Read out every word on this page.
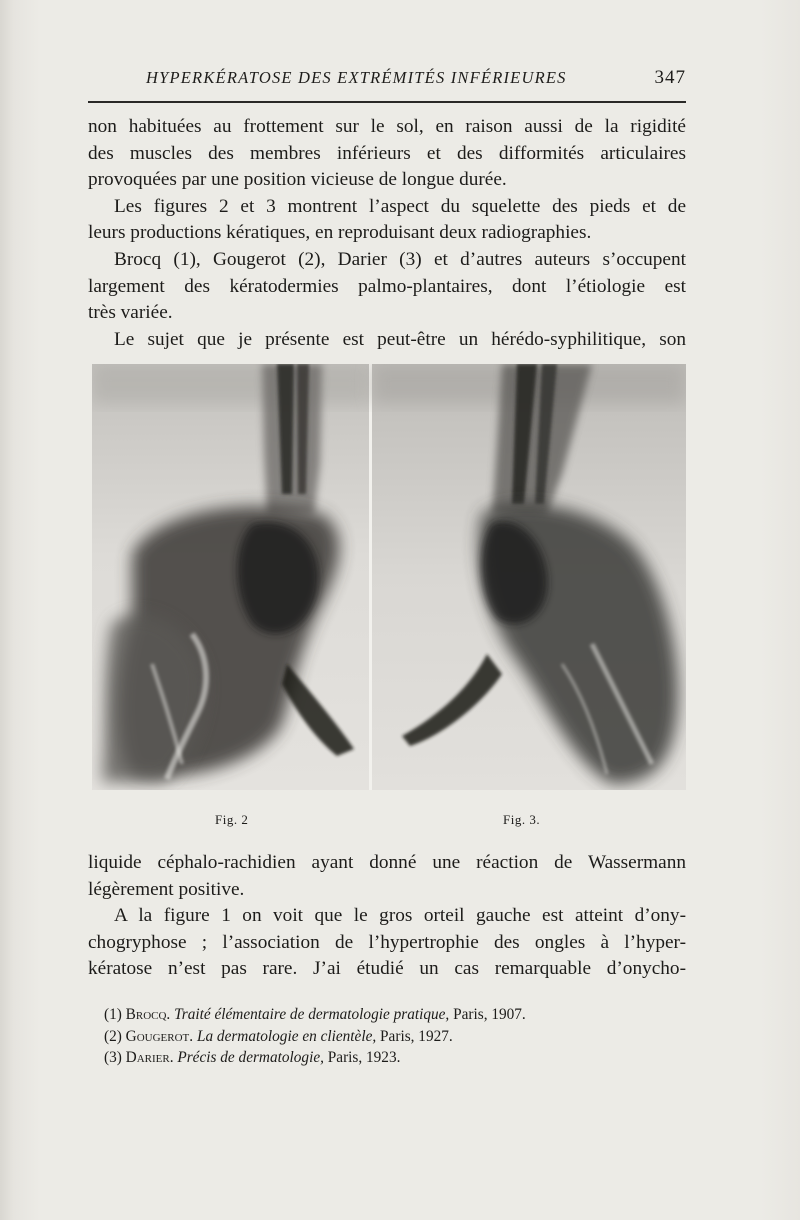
HYPERKÉRATOSE DES EXTRÉMITÉS INFÉRIEURES	347
non habituées au frottement sur le sol, en raison aussi de la rigidité
des muscles des membres inférieurs et des difformités articulaires
provoquées par une position vicieuse de longue durée.
Les figures 2 et 3 montrent l’aspect du squelette des pieds et de
leurs productions kératiques, en reproduisant deux radiographies.
Brocq (1), Gougerot (2), Darier (3) et d’autres auteurs s’occupent
largement des kératodermies palmo-plantaires, dont l’étiologie est
très variée.
Le sujet que je présente est peut-être un hérédo-syphilitique, son
Fig. 2	Fig. 3.
liquide céphalo-rachidien ayant donné une réaction de Wassermann
légèrement positive.
A la figure 1 on voit que le gros orteil gauche est atteint d’ony-
chogryphose ; l’association de l’hypertrophie des ongles à l’hyper-
kératose n’est pas rare. J’ai étudié un cas remarquable d’onycho-
(1) Brocq. Traité élémentaire de dermatologie pratique, Paris, 1907.
(2) Gougerot. La dermatologie en clientèle, Paris, 1927.
(3) Darier. Précis de dermatologie, Paris, 1923.
